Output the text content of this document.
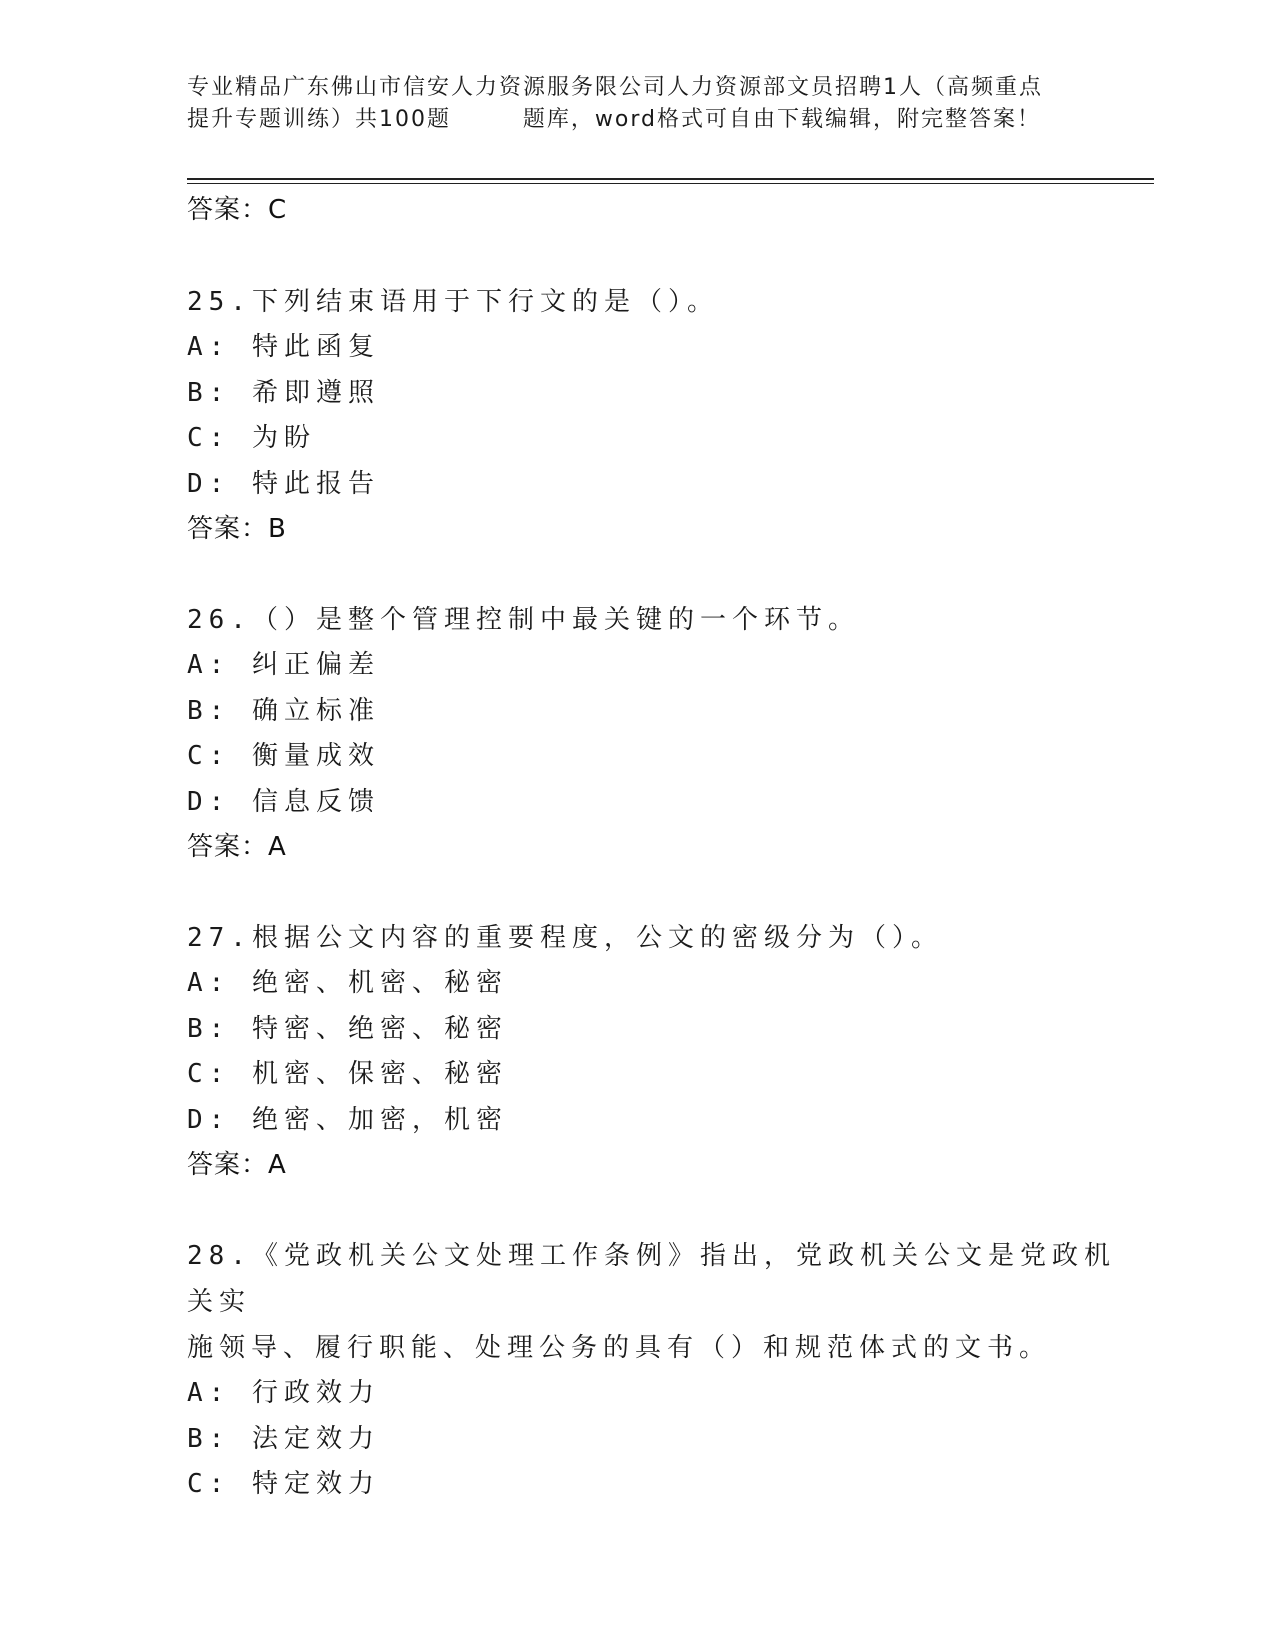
专业精品广东佛山市信安人力资源服务限公司人力资源部文员招聘1人（高频重点
提升专题训练）共100题        题库，word格式可自由下载编辑，附完整答案！
答案：C
25.下列结束语用于下行文的是（）。
A: 特此函复
B: 希即遵照
C: 为盼
D: 特此报告
答案：B
26.（）是整个管理控制中最关键的一个环节。
A: 纠正偏差
B: 确立标准
C: 衡量成效
D: 信息反馈
答案：A
27.根据公文内容的重要程度，公文的密级分为（）。
A: 绝密、机密、秘密
B: 特密、绝密、秘密
C: 机密、保密、秘密
D: 绝密、加密，机密
答案：A
28.《党政机关公文处理工作条例》指出，党政机关公文是党政机关实
施领导、履行职能、处理公务的具有（）和规范体式的文书。
A: 行政效力
B: 法定效力
C: 特定效力
